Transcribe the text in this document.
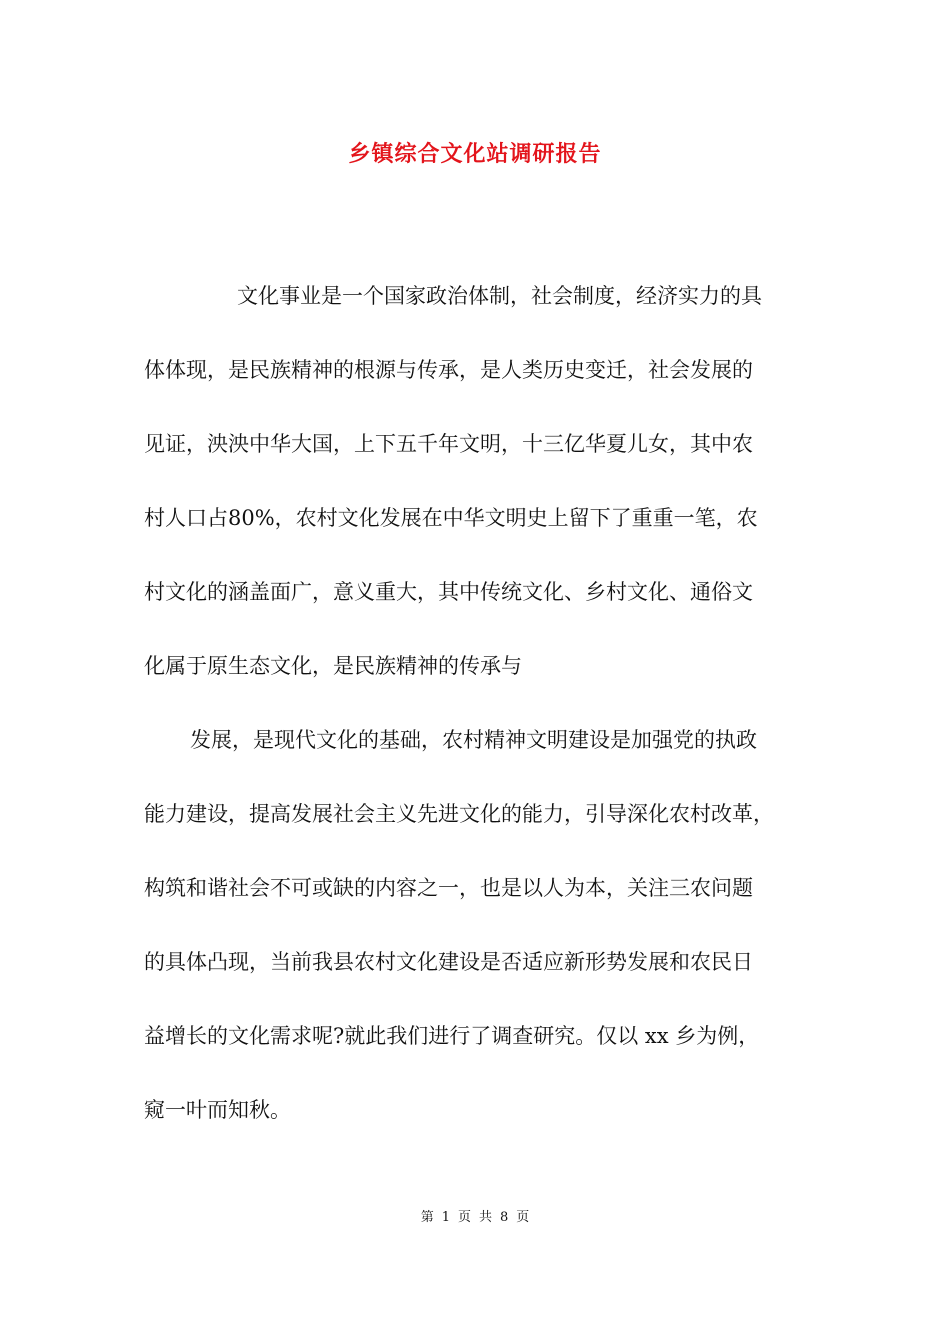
乡镇综合文化站调研报告
文化事业是一个国家政治体制，社会制度，经济实力的具
体体现，是民族精神的根源与传承，是人类历史变迁，社会发展的
见证，泱泱中华大国，上下五千年文明，十三亿华夏儿女，其中农
村人口占80%，农村文化发展在中华文明史上留下了重重一笔，农
村文化的涵盖面广，意义重大，其中传统文化、乡村文化、通俗文
化属于原生态文化，是民族精神的传承与
发展，是现代文化的基础，农村精神文明建设是加强党的执政
能力建设，提高发展社会主义先进文化的能力，引导深化农村改革，
构筑和谐社会不可或缺的内容之一，也是以人为本，关注三农问题
的具体凸现，当前我县农村文化建设是否适应新形势发展和农民日
益增长的文化需求呢?就此我们进行了调查研究。仅以 xx 乡为例，
窥一叶而知秋。
第 1 页 共 8 页
